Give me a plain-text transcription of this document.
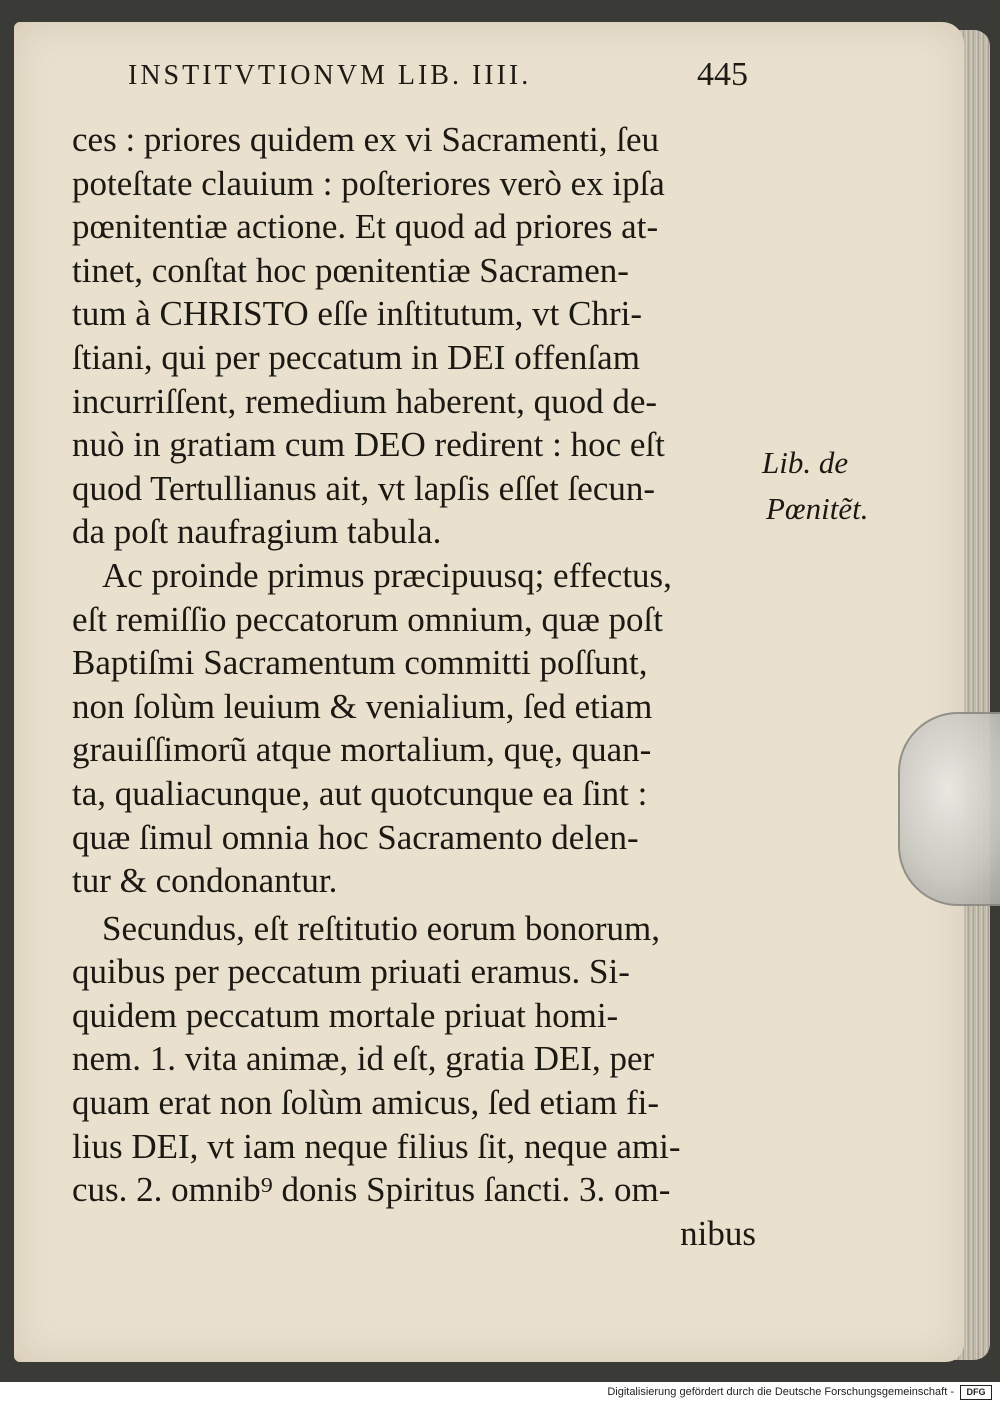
INSTITVTIONVM LIB. IIII.	445
ces : priores quidem ex vi Sacramenti, ſeu
poteſtate clauium : poſteriores verò ex ipſa
pœnitentiæ actione. Et quod ad priores at-
tinet, conſtat hoc pœnitentiæ Sacramen-
tum à CHRISTO eſſe inſtitutum, vt Chri-
ſtiani, qui per peccatum in DEI offenſam
incurriſſent, remedium haberent, quod de-
nuò in gratiam cum DEO redirent : hoc eſt
quod Tertullianus ait, vt lapſis eſſet ſecun-
da poſt naufragium tabula.
Ac proinde primus præcipuusq; effectus,
eſt remiſſio peccatorum omnium, quæ poſt
Baptiſmi Sacramentum committi poſſunt,
non ſolùm leuium & venialium, ſed etiam
grauiſſimorũ atque mortalium, quę, quan-
ta, qualiacunque, aut quotcunque ea ſint :
quæ ſimul omnia hoc Sacramento delen-
tur & condonantur.
Secundus, eſt reſtitutio eorum bonorum,
quibus per peccatum priuati eramus. Si-
quidem peccatum mortale priuat homi-
nem. 1. vita animæ, id eſt, gratia DEI, per
quam erat non ſolùm amicus, ſed etiam fi-
lius DEI, vt iam neque filius ſit, neque ami-
cus. 2. omnib⁹ donis Spiritus ſancti. 3. om-
nibus
Lib. de
Pœnitẽt.
Digitalisierung gefördert durch die Deutsche Forschungsgemeinschaft -	DFG
